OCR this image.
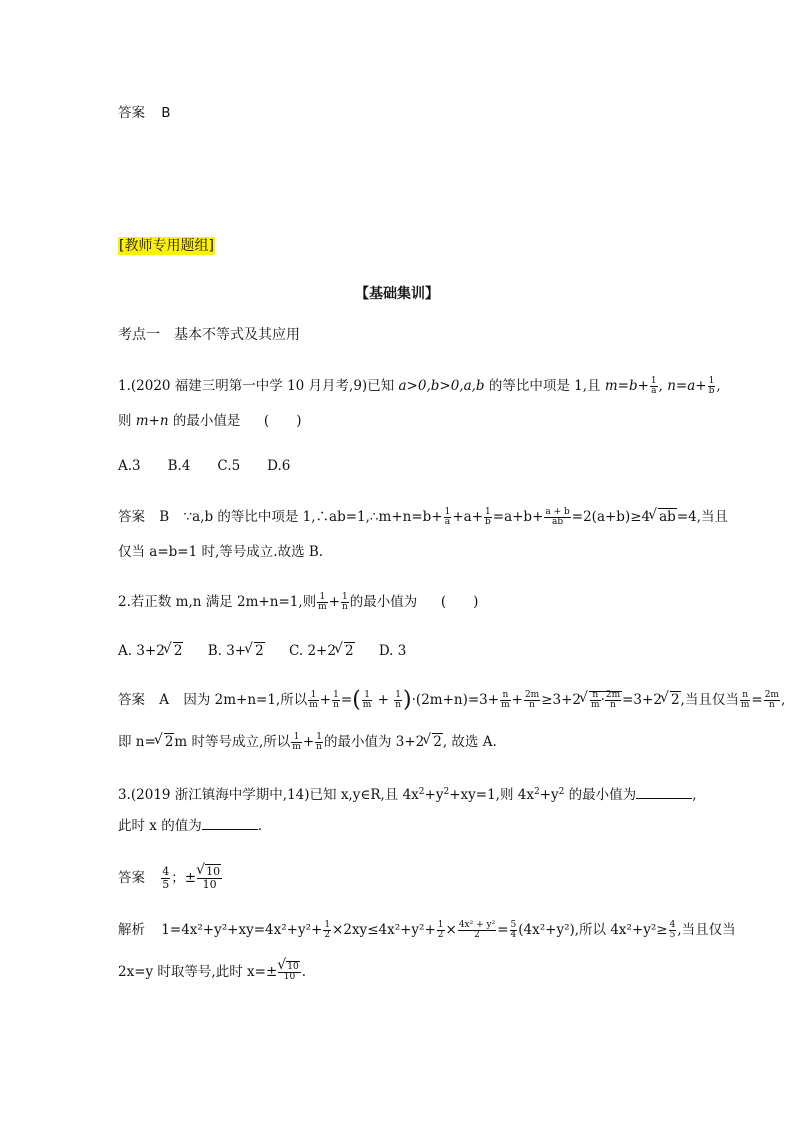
答案 B
[教师专用题组]
【基础集训】
考点一　基本不等式及其应用
1.(2020 福建三明第一中学 10 月月考,9)已知 a>0,b>0,a,b 的等比中项是 1,且 $m=b+ \frac{1}{a}$ , $n=a+ \frac{1}{b}$ ,
则 m+n 的最小值是 (　　)
A.3　　B.4　　C.5　　D.6
答案 B ∵a,b 的等比中项是 1,∴ab=1,∴m+n=b+ $\frac{1}{a} +a+ \frac{1}{b} =a+b+ \frac{a + b}{ab} =2(a+b)\ge 4√$ ab=4,当且
仅当 a=b=1 时,等号成立.故选 B.
2.若正数 m,n 满足 2m+n=1,则 $\frac{1}{m} + \frac{1}{n}$ 的最小值为 (　　)
A. 3+2√ 2 B. 3+√ 2 C. 2+2√ 2 D. 3
答案 A 因为 2m+n=1,所以 $\frac{1}{m} + \frac{1}{n}$ =( $\frac{1}{m} + \frac{1}{n} )\cdot(2m+n)=3+ \frac{n}{m} + \frac{2m}{n} \ge 3+2$
√ $\frac{n}{m} \cdot \frac{2m}{n} =3+2√$ 2,当且仅当 $\frac{n}{m} = \frac{2m}{n}$ ,
即 n=√ 2m 时等号成立,所以 $\frac{1}{m} + \frac{1}{n}$ 的最小值为 3+2√ 2, 故选 A.
3.(2019 浙江镇海中学期中,14)已知 x,y∈R,且 $4x^2+y^2+xy=1$,则 $4x^2+y^2$ 的最小值为	,
此时 x 的值为	.
答案 $\frac{4}{5}$ ；±
√ $\frac{10}{10}$
解析 $1=4x^2+y^2+xy=4x^2+y^2+ \frac{1}{2} \times 2xy\le 4x^2+y^2+ \frac{1}{2} \times \frac{\text{4x² + y²}}{2} = \frac{5}{4} (4x^2+y^2)$,所以 $4x^2+y^2\ge \frac{4}{5}$ ,当且仅当
2x=y 时取等号,此时 x=±
√ $\frac{10}{10}$ .
